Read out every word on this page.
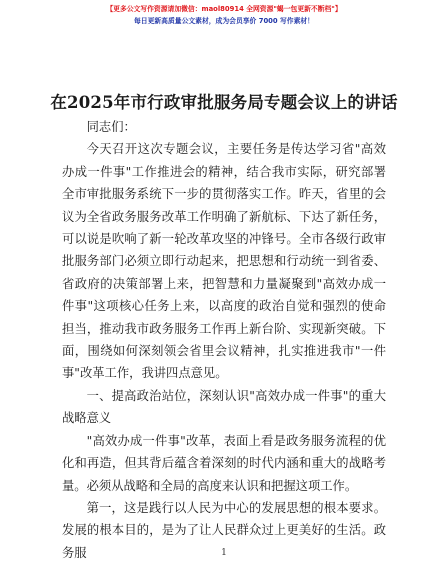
【更多公文写作资源请加微信：maol80914 全网资源"蝎一包更新不断档"】
每日更新高质量公文素材，成为会员享价 7000 写作素材！
在2025年市行政审批服务局专题会议上的讲话

同志们：

今天召开这次专题会议，主要任务是传达学习省"高效办成一件事"工作推进会的精神，结合我市实际，研究部署全市审批服务系统下一步的贯彻落实工作。昨天，省里的会议为全省政务服务改革工作明确了新航标、下达了新任务，可以说是吹响了新一轮改革攻坚的冲锋号。全市各级行政审批服务部门必须立即行动起来，把思想和行动统一到省委、省政府的决策部署上来，把智慧和力量凝聚到"高效办成一件事"这项核心任务上来，以高度的政治自觉和强烈的使命担当，推动我市政务服务工作再上新台阶、实现新突破。下面，围绕如何深刻领会省里会议精神，扎实推进我市"一件事"改革工作，我讲四点意见。

一、提高政治站位，深刻认识"高效办成一件事"的重大战略意义

"高效办成一件事"改革，表面上看是政务服务流程的优化和再造，但其背后蕴含着深刻的时代内涵和重大的战略考量。必须从战略和全局的高度来认识和把握这项工作。

第一，这是践行以人民为中心的发展思想的根本要求。发展的根本目的，是为了让人民群众过上更美好的生活。政务服	1
